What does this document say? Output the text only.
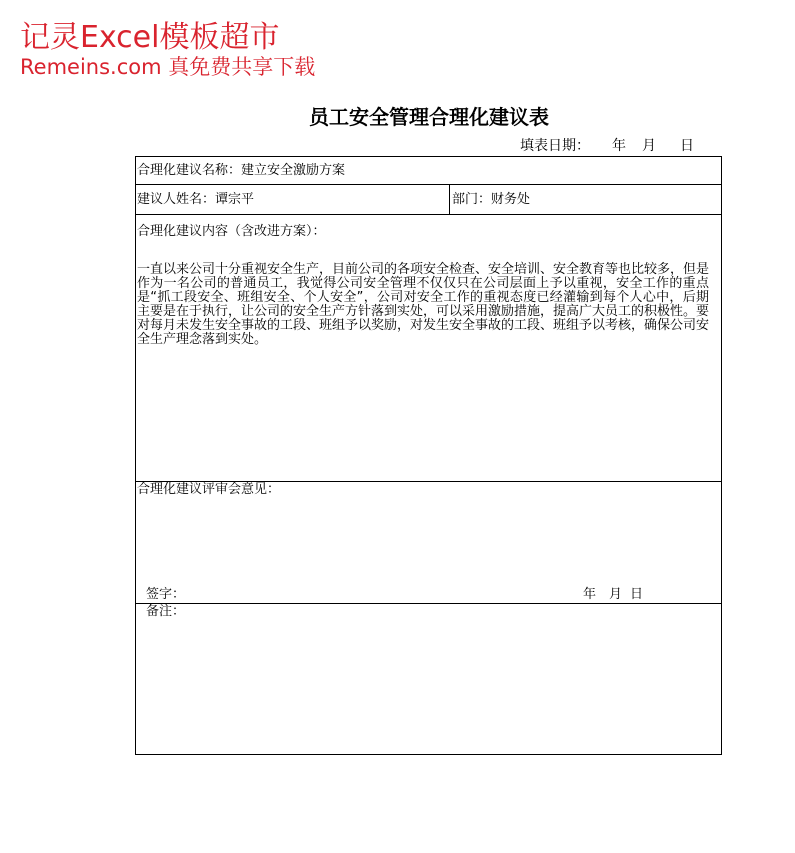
记灵Excel模板超市
Remeins.com 真免费共享下载
员工安全管理合理化建议表
填表日期：	年	月	日
合理化建议名称：建立安全激励方案
建议人姓名：谭宗平	部门：财务处
合理化建议内容（含改进方案）：
一直以来公司十分重视安全生产，目前公司的各项安全检查、安全培训、安全教育等也比较多，但是作为一名公司的普通员工，我觉得公司安全管理不仅仅只在公司层面上予以重视，安全工作的重点是“抓工段安全、班组安全、个人安全”，公司对安全工作的重视态度已经灌输到每个人心中，后期主要是在于执行，让公司的安全生产方针落到实处，可以采用激励措施，提高广大员工的积极性。要对每月未发生安全事故的工段、班组予以奖励，对发生安全事故的工段、班组予以考核，确保公司安全生产理念落到实处。
合理化建议评审会意见：
签字：	年 月 日
备注：
